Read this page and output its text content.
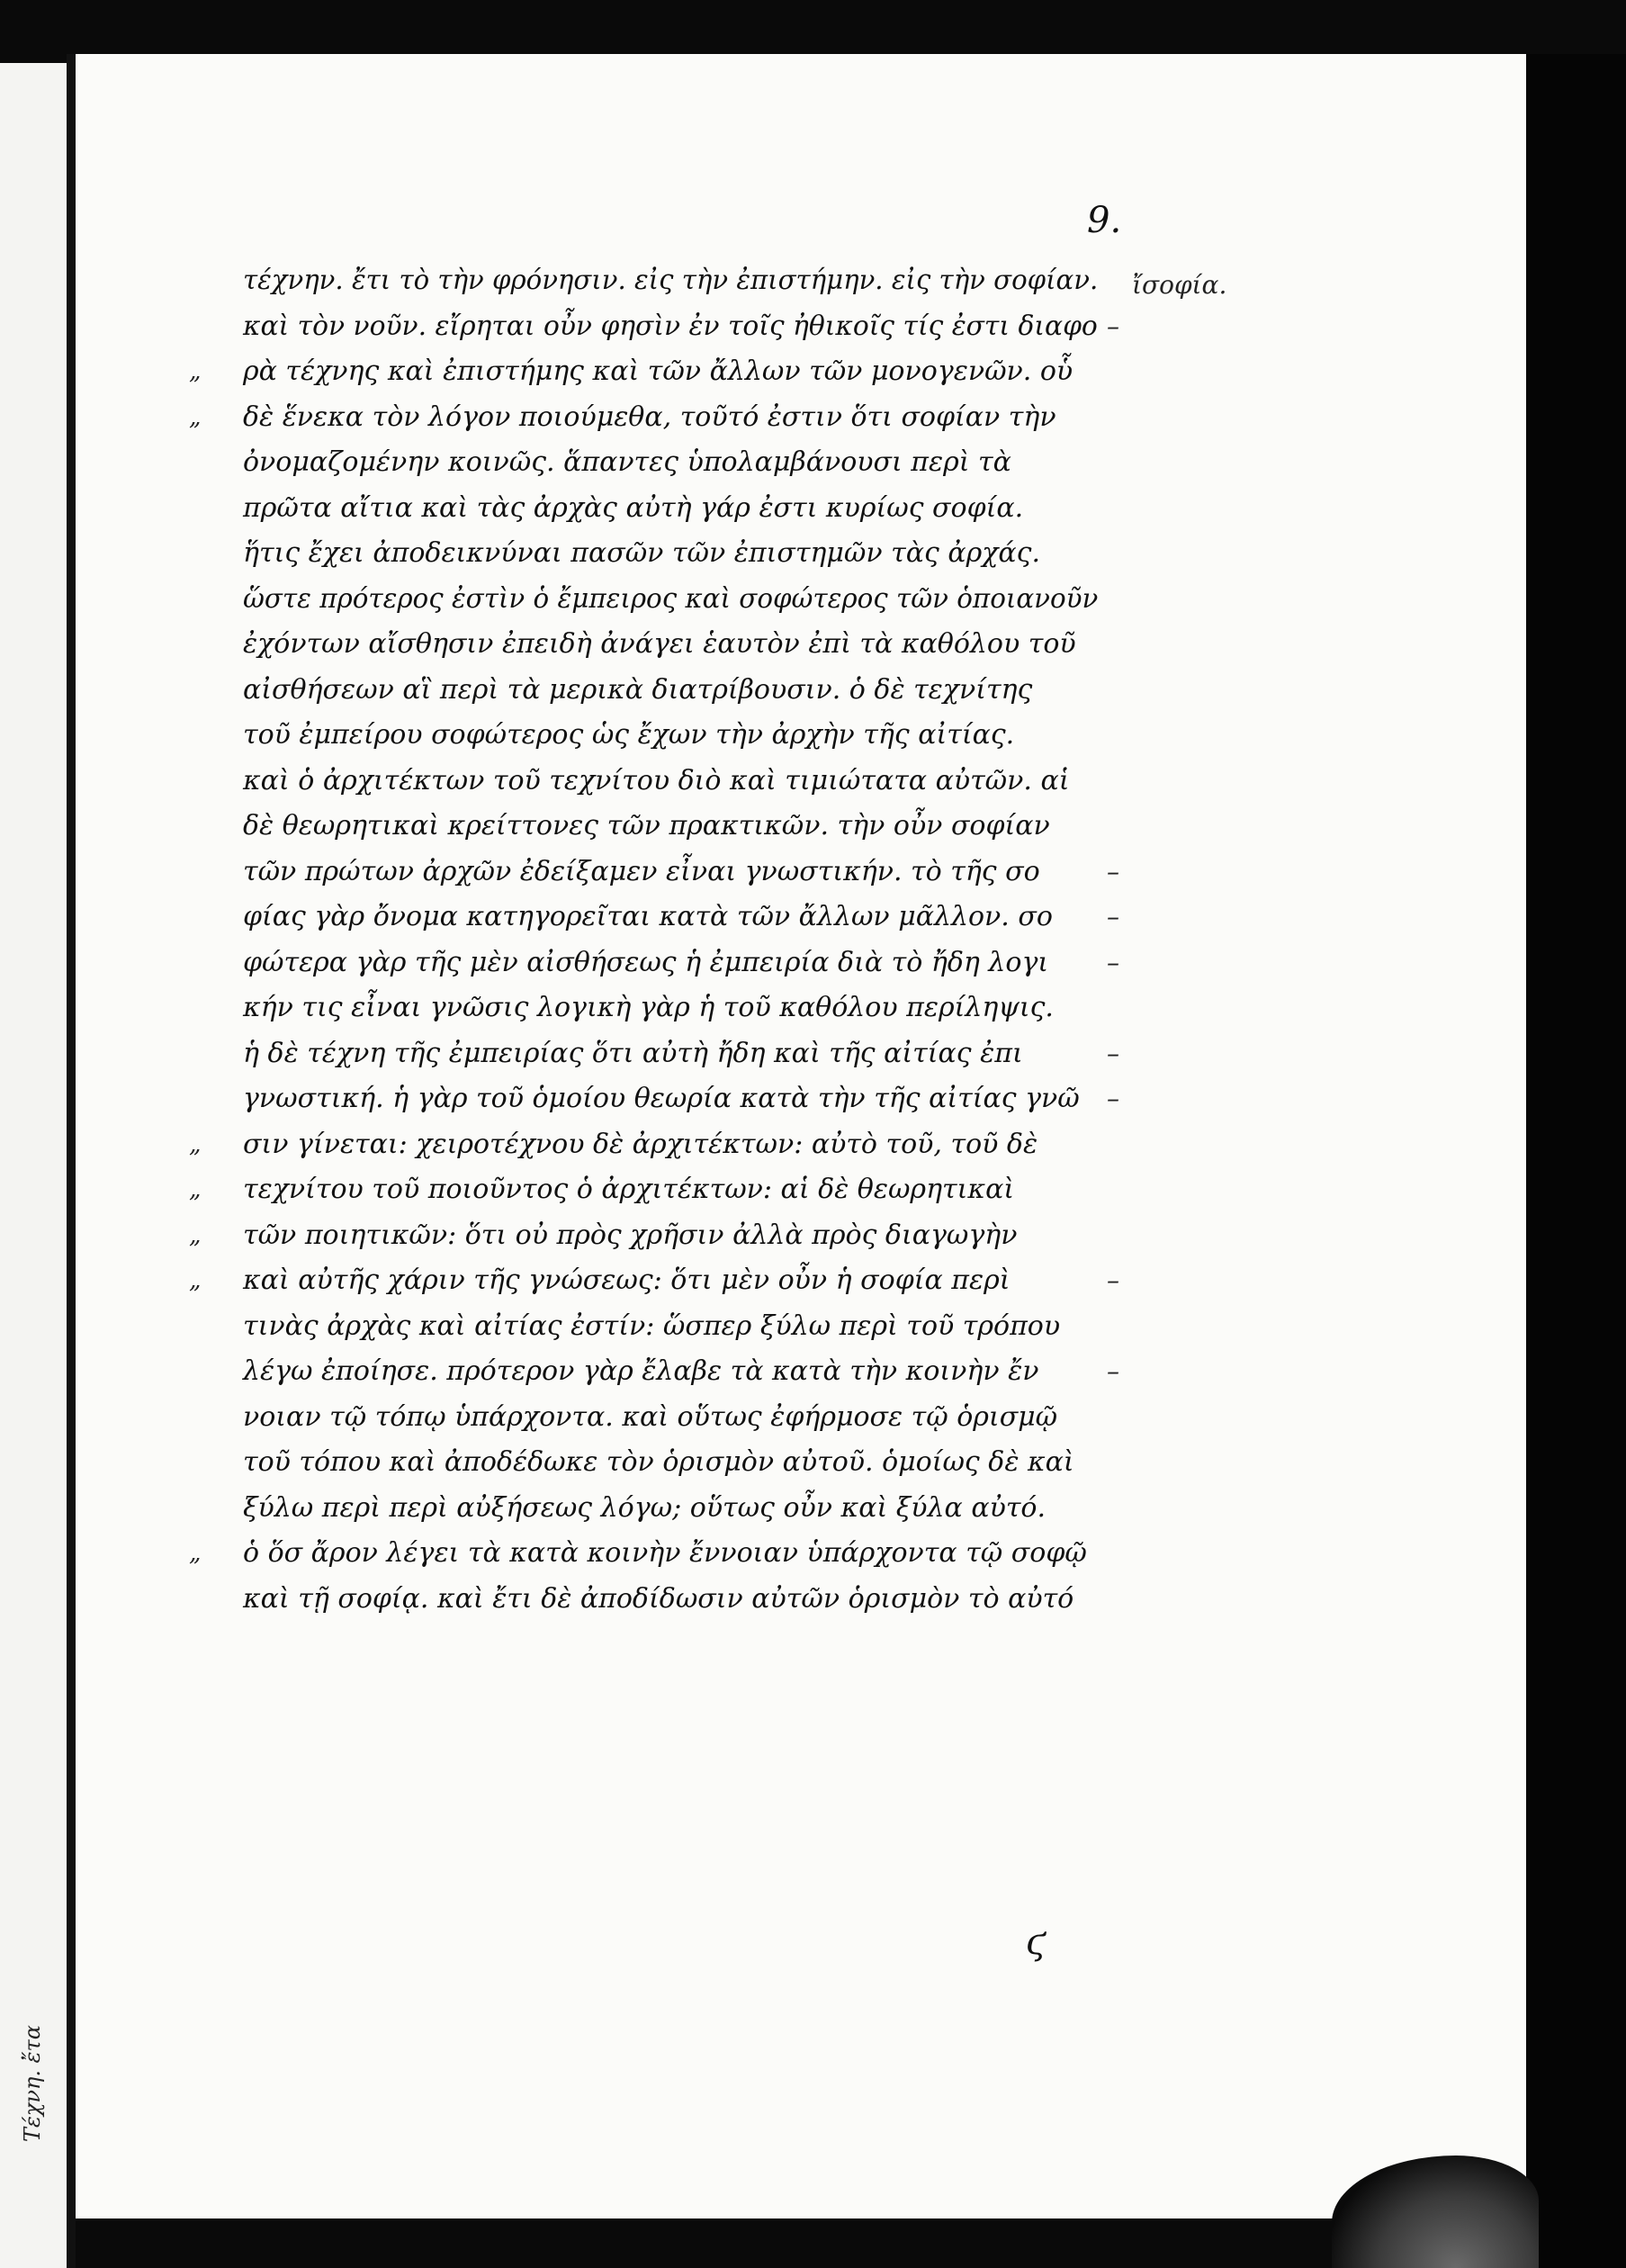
9.
ἴσοφία.
Τέχνη. ἔτα
τέχνην. ἔτι τὸ τὴν φρόνησιν. εἰς τὴν ἐπιστήμην. εἰς τὴν σοφίαν.
καὶ τὸν νοῦν. εἴρηται οὖν φησὶν ἐν τοῖς ἠθικοῖς τίς ἐστι διαφο –
„ ρὰ τέχνης καὶ ἐπιστήμης καὶ τῶν ἄλλων τῶν μονογενῶν. οὗ
„ δὲ ἕνεκα τὸν λόγον ποιούμεθα, τοῦτό ἐστιν ὅτι σοφίαν τὴν
ὀνομαζομένην κοινῶς. ἅπαντες ὑπολαμβάνουσι περὶ τὰ
πρῶτα αἴτια καὶ τὰς ἀρχὰς αὐτὴ γάρ ἐστι κυρίως σοφία.
ἥτις ἔχει ἀποδεικνύναι πασῶν τῶν ἐπιστημῶν τὰς ἀρχάς.
ὥστε πρότερος ἐστὶν ὁ ἔμπειρος καὶ σοφώτερος τῶν ὁποιανοῦν
ἐχόντων αἴσθησιν ἐπειδὴ ἀνάγει ἑαυτὸν ἐπὶ τὰ καθόλου τοῦ
αἰσθήσεων αἳ περὶ τὰ μερικὰ διατρίβουσιν. ὁ δὲ τεχνίτης
τοῦ ἐμπείρου σοφώτερος ὡς ἔχων τὴν ἀρχὴν τῆς αἰτίας.
καὶ ὁ ἀρχιτέκτων τοῦ τεχνίτου διὸ καὶ τιμιώτατα αὐτῶν. αἱ
δὲ θεωρητικαὶ κρείττονες τῶν πρακτικῶν. τὴν οὖν σοφίαν
τῶν πρώτων ἀρχῶν ἐδείξαμεν εἶναι γνωστικήν. τὸ τῆς σο	–
φίας γὰρ ὄνομα κατηγορεῖται κατὰ τῶν ἄλλων μᾶλλον. σο –
φώτερα γὰρ τῆς μὲν αἰσθήσεως ἡ ἐμπειρία διὰ τὸ ἤδη λογι –
κήν τις εἶναι γνῶσις λογικὴ γὰρ ἡ τοῦ καθόλου περίληψις.
ἡ δὲ τέχνη τῆς ἐμπειρίας ὅτι αὐτὴ ἤδη καὶ τῆς αἰτίας ἐπι	–
γνωστική. ἡ γὰρ τοῦ ὁμοίου θεωρία κατὰ τὴν τῆς αἰτίας γνῶ –
„ σιν γίνεται: χειροτέχνου δὲ ἀρχιτέκτων: αὐτὸ τοῦ, τοῦ δὲ
„ τεχνίτου τοῦ ποιοῦντος ὁ ἀρχιτέκτων: αἱ δὲ θεωρητικαὶ
„ τῶν ποιητικῶν: ὅτι οὐ πρὸς χρῆσιν ἀλλὰ πρὸς διαγωγὴν
„ καὶ αὐτῆς χάριν τῆς γνώσεως: ὅτι μὲν οὖν ἡ σοφία περὶ	–
τινὰς ἀρχὰς καὶ αἰτίας ἐστίν: ὥσπερ ξύλω περὶ τοῦ τρόπου
λέγω ἐποίησε. πρότερον γὰρ ἔλαβε τὰ κατὰ τὴν κοινὴν ἔν	–
νοιαν τῷ τόπῳ ὑπάρχοντα. καὶ οὕτως ἐφήρμοσε τῷ ὁρισμῷ
τοῦ τόπου καὶ ἀποδέδωκε τὸν ὁρισμὸν αὐτοῦ. ὁμοίως δὲ καὶ
ξύλω περὶ περὶ αὐξήσεως λόγω; οὕτως οὖν καὶ ξύλα αὐτό.
„ ὁ ὅσ ἄρον λέγει τὰ κατὰ κοινὴν ἔννοιαν ὑπάρχοντα τῷ σοφῷ
καὶ τῇ σοφίᾳ. καὶ ἔτι δὲ ἀποδίδωσιν αὐτῶν ὁρισμὸν τὸ αὐτό
ϛ
